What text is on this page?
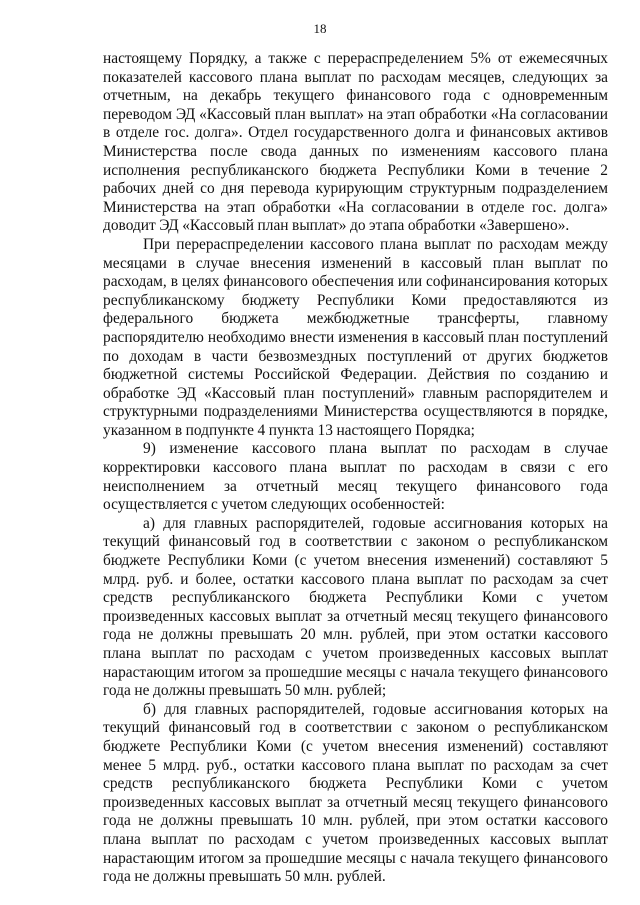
18

настоящему Порядку, а также с перераспределением 5% от ежемесячных показателей кассового плана выплат по расходам месяцев, следующих за отчетным, на декабрь текущего финансового года с одновременным переводом ЭД «Кассовый план выплат» на этап обработки «На согласовании в отделе гос. долга». Отдел государственного долга и финансовых активов Министерства после свода данных по изменениям кассового плана исполнения республиканского бюджета Республики Коми в течение 2 рабочих дней со дня перевода курирующим структурным подразделением Министерства на этап обработки «На согласовании в отделе гос. долга» доводит ЭД «Кассовый план выплат» до этапа обработки «Завершено».

При перераспределении кассового плана выплат по расходам между месяцами в случае внесения изменений в кассовый план выплат по расходам, в целях финансового обеспечения или софинансирования которых республиканскому бюджету Республики Коми предоставляются из федерального бюджета межбюджетные трансферты, главному распорядителю необходимо внести изменения в кассовый план поступлений по доходам в части безвозмездных поступлений от других бюджетов бюджетной системы Российской Федерации. Действия по созданию и обработке ЭД «Кассовый план поступлений» главным распорядителем и структурными подразделениями Министерства осуществляются в порядке, указанном в подпункте 4 пункта 13 настоящего Порядка;

9) изменение кассового плана выплат по расходам в случае корректировки кассового плана выплат по расходам в связи с его неисполнением за отчетный месяц текущего финансового года осуществляется с учетом следующих особенностей:

а) для главных распорядителей, годовые ассигнования которых на текущий финансовый год в соответствии с законом о республиканском бюджете Республики Коми (с учетом внесения изменений) составляют 5 млрд. руб. и более, остатки кассового плана выплат по расходам за счет средств республиканского бюджета Республики Коми с учетом произведенных кассовых выплат за отчетный месяц текущего финансового года не должны превышать 20 млн. рублей, при этом остатки кассового плана выплат по расходам с учетом произведенных кассовых выплат нарастающим итогом за прошедшие месяцы с начала текущего финансового года не должны превышать 50 млн. рублей;

б) для главных распорядителей, годовые ассигнования которых на текущий финансовый год в соответствии с законом о республиканском бюджете Республики Коми (с учетом внесения изменений) составляют менее 5 млрд. руб., остатки кассового плана выплат по расходам за счет средств республиканского бюджета Республики Коми с учетом произведенных кассовых выплат за отчетный месяц текущего финансового года не должны превышать 10 млн. рублей, при этом остатки кассового плана выплат по расходам с учетом произведенных кассовых выплат нарастающим итогом за прошедшие месяцы с начала текущего финансового года не должны превышать 50 млн. рублей.
